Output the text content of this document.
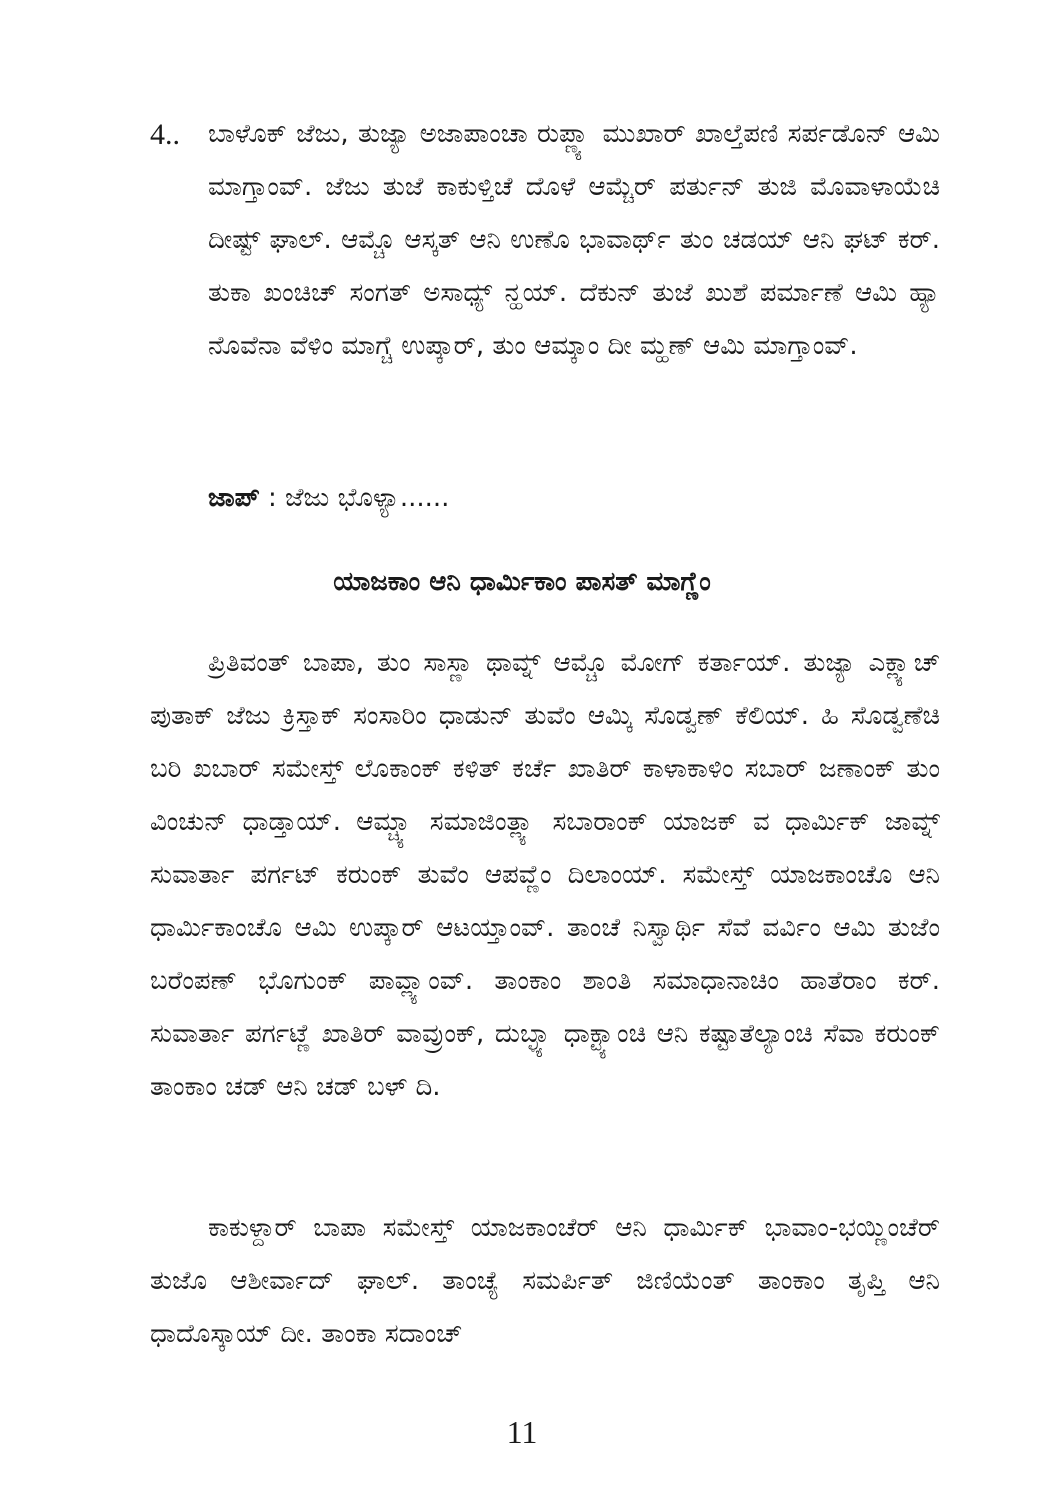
4.. ಬಾಳೊಕ್ ಜೆಜು, ತುಜ್ಯಾ ಅಜಾಪಾಂಚಾ ರುಪ್ಣ್ಯಾ ಮುಖಾರ್ ಖಾಲ್ತೆಪಣಿ ಸರ್ಪಡೊನ್ ಆಮಿ ಮಾಗ್ತಾಂವ್. ಜೆಜು ತುಜೆ ಕಾಕುಳ್ತಿಚೆ ದೊಳೆ ಆಮ್ಚೆರ್ ಪರ್ತುನ್ ತುಜಿ ಮೊವಾಳಾಯೆಚಿ ದೀಷ್ಟ್ ಘಾಲ್. ಆಮ್ಚೊ ಆಸ್ಕತ್ ಆನಿ ಉಣೊ ಭಾವಾರ್ಥ್ ತುಂ ಚಡಯ್ ಆನಿ ಘಟ್ ಕರ್. ತುಕಾ ಖಂಚಿಚ್ ಸಂಗತ್ ಅಸಾಧ್ಯ್ ನ್ಹಯ್. ದೆಕುನ್ ತುಜೆ ಖುಶೆ ಪರ್ಮಾಣೆ ಆಮಿ ಹ್ಯಾ ನೊವೆನಾ ವೆಳಿಂ ಮಾಗ್ಚೆ ಉಪ್ಕಾರ್, ತುಂ ಆಮ್ಕಾಂ ದೀ ಮ್ಹಣ್ ಆಮಿ ಮಾಗ್ತಾಂವ್.
ಜಾಪ್ : ಜೆಜು ಭೊಳ್ಯಾ......
ಯಾಜಕಾಂ ಆನಿ ಧಾರ್ಮಿಕಾಂ ಪಾಸತ್ ಮಾಗ್ಣೆಂ

ಪ್ರಿತಿವಂತ್ ಬಾಪಾ, ತುಂ ಸಾಸ್ಣಾ ಥಾವ್ನ್ ಆಮ್ಚೊ ಮೋಗ್ ಕರ್ತಾಯ್. ತುಜ್ಯಾ ಎಕ್ಲ್ಯಾಚ್ ಪುತಾಕ್ ಜೆಜು ಕ್ರಿಸ್ತಾಕ್ ಸಂಸಾರಿಂ ಧಾಡುನ್ ತುವೆಂ ಆಮ್ಕಿ ಸೊಡ್ವಣ್ ಕೆಲಿಯ್. ಹಿ ಸೊಡ್ವಣೆಚಿ ಬರಿ ಖಬಾರ್ ಸಮೇಸ್ತ್ ಲೊಕಾಂಕ್ ಕಳಿತ್ ಕರ್ಚೆ ಖಾತಿರ್ ಕಾಳಾಕಾಳಿಂ ಸಬಾರ್ ಜಣಾಂಕ್ ತುಂ ವಿಂಚುನ್ ಧಾಡ್ತಾಯ್. ಆಮ್ಚ್ಯಾ ಸಮಾಜಿಂತ್ಲ್ಯಾ ಸಬಾರಾಂಕ್ ಯಾಜಕ್ ವ ಧಾರ್ಮಿಕ್ ಜಾವ್ನ್ ಸುವಾರ್ತಾ ಪರ್ಗಟ್ ಕರುಂಕ್ ತುವೆಂ ಆಪವ್ಣೆಂ ದಿಲಾಂಯ್. ಸಮೇಸ್ತ್ ಯಾಜಕಾಂಚೊ ಆನಿ ಧಾರ್ಮಿಕಾಂಚೊ ಆಮಿ ಉಪ್ಕಾರ್ ಆಟಯ್ತಾಂವ್. ತಾಂಚೆ ನಿಸ್ವಾರ್ಥಿ ಸೆವೆ ವರ್ವಿಂ ಆಮಿ ತುಜೆಂ ಬರೆಂಪಣ್ ಭೊಗುಂಕ್ ಪಾವ್ಲ್ಯಾಂವ್. ತಾಂಕಾಂ ಶಾಂತಿ ಸಮಾಧಾನಾಚಿಂ ಹಾತೆರಾಂ ಕರ್. ಸುವಾರ್ತಾ ಪರ್ಗಟ್ಣೆ ಖಾತಿರ್ ವಾವ್ರುಂಕ್, ದುಬ್ಳ್ಯಾ ಧಾಕ್ಟ್ಯಾಂಚಿ ಆನಿ ಕಷ್ಟಾತೆಲ್ಯಾಂಚಿ ಸೆವಾ ಕರುಂಕ್ ತಾಂಕಾಂ ಚಡ್ ಆನಿ ಚಡ್ ಬಳ್ ದಿ.

ಕಾಕುಳ್ದಾರ್ ಬಾಪಾ ಸಮೇಸ್ತ್ ಯಾಜಕಾಂಚೆರ್ ಆನಿ ಧಾರ್ಮಿಕ್ ಭಾವಾಂ-ಭಯ್ಣಿಂಚೆರ್ ತುಜೊ ಆಶೀರ್ವಾದ್ ಘಾಲ್. ತಾಂಚ್ಯೆ ಸಮರ್ಪಿತ್ ಜಿಣಿಯೆಂತ್ ತಾಂಕಾಂ ತೃಪ್ತಿ ಆನಿ ಧಾದೊಸ್ಕಾಯ್ ದೀ. ತಾಂಕಾ ಸದಾಂಚ್

11
